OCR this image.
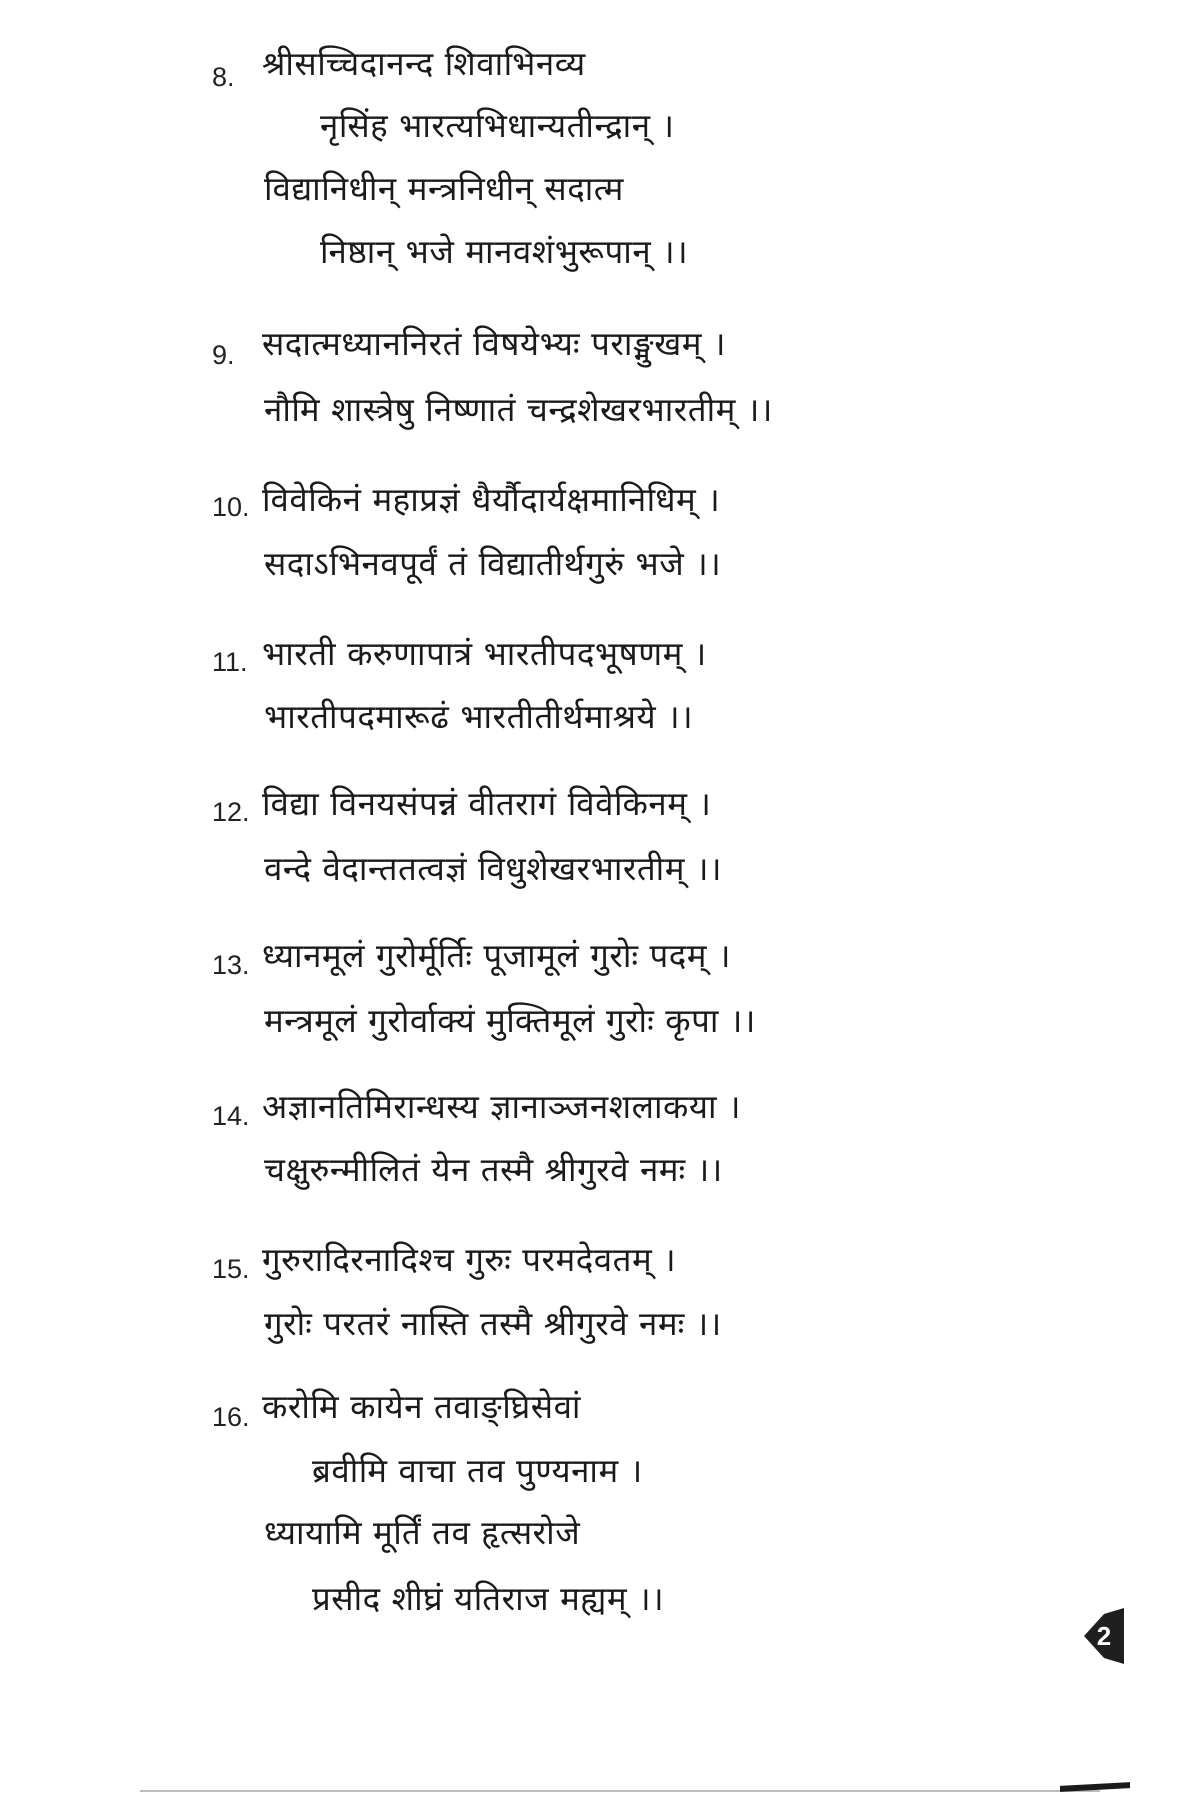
8. श्रीसच्चिदानन्द शिवाभिनव्य
नृसिंह भारत्यभिधान्यतीन्द्रान् ।
विद्यानिधीन् मन्त्रनिधीन् सदात्म
निष्ठान् भजे मानवशंभुरूपान् ।।
9. सदात्मध्याननिरतं विषयेभ्यः पराङ्मुखम् ।
नौमि शास्त्रेषु निष्णातं चन्द्रशेखरभारतीम् ।।
10. विवेकिनं महाप्रज्ञं धैर्यौदार्यक्षमानिधिम् ।
सदाऽभिनवपूर्वं तं विद्यातीर्थगुरुं भजे ।।
11. भारती करुणापात्रं भारतीपदभूषणम् ।
भारतीपदमारूढं भारतीतीर्थमाश्रये ।।
12. विद्या विनयसंपन्नं वीतरागं विवेकिनम् ।
वन्दे वेदान्ततत्वज्ञं विधुशेखरभारतीम् ।।
13. ध्यानमूलं गुरोर्मूर्तिः पूजामूलं गुरोः पदम् ।
मन्त्रमूलं गुरोर्वाक्यं मुक्तिमूलं गुरोः कृपा ।।
14. अज्ञानतिमिरान्धस्य ज्ञानाञ्जनशलाकया ।
चक्षुरुन्मीलितं येन तस्मै श्रीगुरवे नमः ।।
15. गुरुरादिरनादिश्च गुरुः परमदेवतम् ।
गुरोः परतरं नास्ति तस्मै श्रीगुरवे नमः ।।
16. करोमि कायेन तवाङ्घ्रिसेवां
ब्रवीमि वाचा तव पुण्यनाम ।
ध्यायामि मूर्तिं तव हृत्सरोजे
प्रसीद शीघ्रं यतिराज मह्यम् ।।
2
